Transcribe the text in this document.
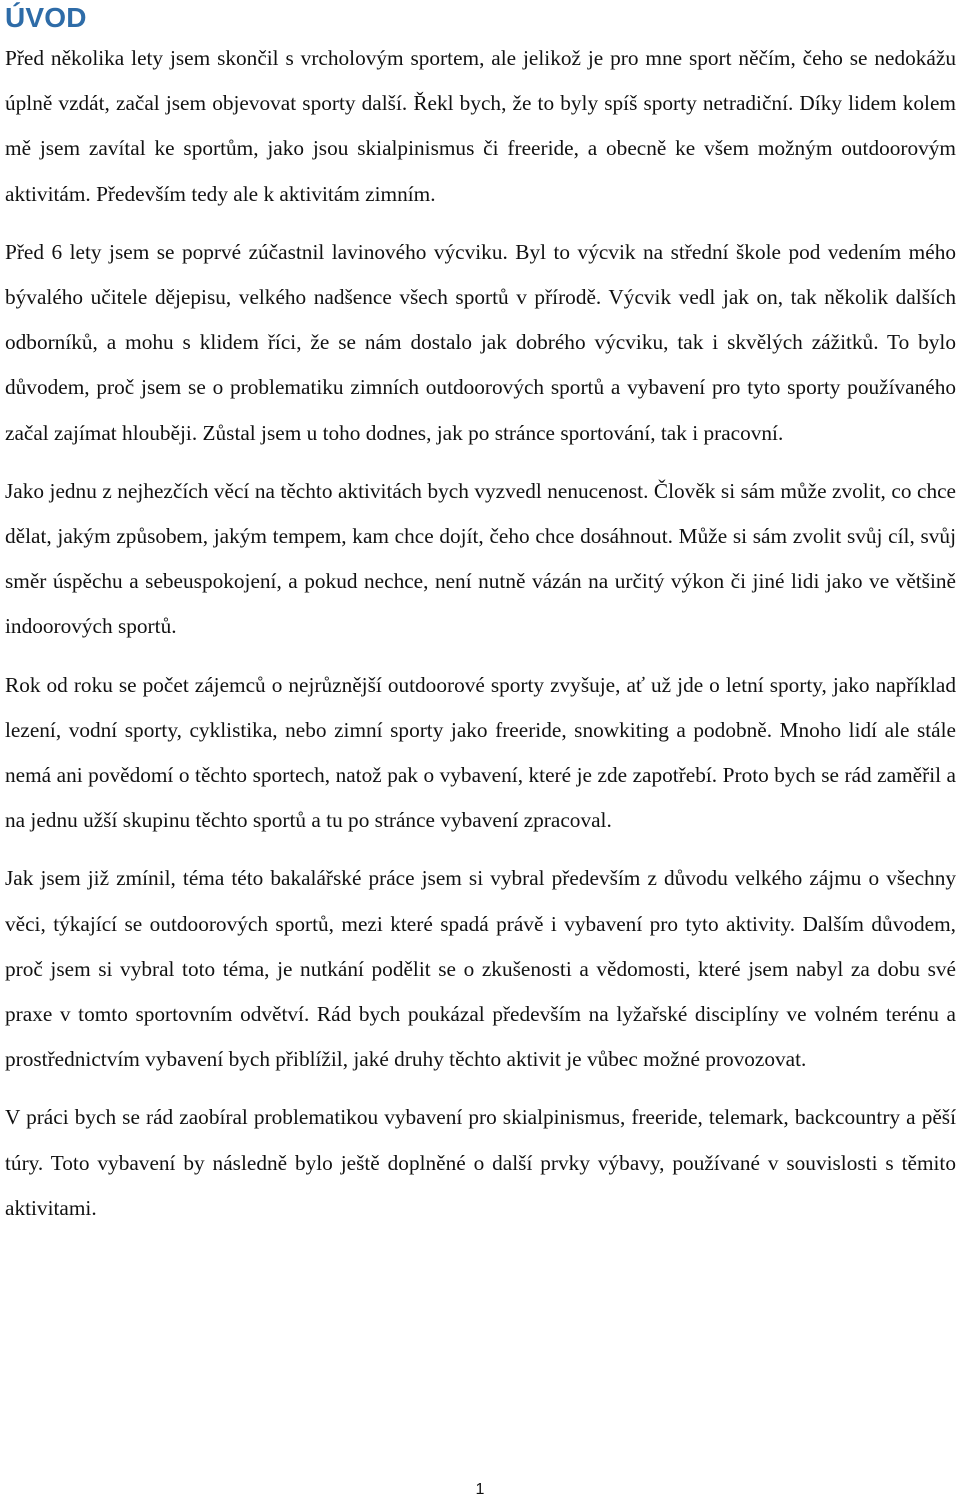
ÚVOD

Před několika lety jsem skončil s vrcholovým sportem, ale jelikož je pro mne sport něčím, čeho se nedokážu úplně vzdát, začal jsem objevovat sporty další. Řekl bych, že to byly spíš sporty netradiční. Díky lidem kolem mě jsem zavítal ke sportům, jako jsou skialpinismus či freeride, a obecně ke všem možným outdoorovým aktivitám. Především tedy ale k aktivitám zimním.

Před 6 lety jsem se poprvé zúčastnil lavinového výcviku. Byl to výcvik na střední škole pod vedením mého bývalého učitele dějepisu, velkého nadšence všech sportů v přírodě. Výcvik vedl jak on, tak několik dalších odborníků, a mohu s klidem říci, že se nám dostalo jak dobrého výcviku, tak i skvělých zážitků. To bylo důvodem, proč jsem se o problematiku zimních outdoorových sportů a vybavení pro tyto sporty používaného začal zajímat hlouběji. Zůstal jsem u toho dodnes, jak po stránce sportování, tak i pracovní.

Jako jednu z nejhezčích věcí na těchto aktivitách bych vyzvedl nenucenost. Člověk si sám může zvolit, co chce dělat, jakým způsobem, jakým tempem, kam chce dojít, čeho chce dosáhnout. Může si sám zvolit svůj cíl, svůj směr úspěchu a sebeuspokojení, a pokud nechce, není nutně vázán na určitý výkon či jiné lidi jako ve většině indoorových sportů.

Rok od roku se počet zájemců o nejrůznější outdoorové sporty zvyšuje, ať už jde o letní sporty, jako například lezení, vodní sporty, cyklistika, nebo zimní sporty jako freeride, snowkiting a podobně. Mnoho lidí ale stále nemá ani povědomí o těchto sportech, natož pak o vybavení, které je zde zapotřebí. Proto bych se rád zaměřil a na jednu užší skupinu těchto sportů a tu po stránce vybavení zpracoval.

Jak jsem již zmínil, téma této bakalářské práce jsem si vybral především z důvodu velkého zájmu o všechny věci, týkající se outdoorových sportů, mezi které spadá právě i vybavení pro tyto aktivity. Dalším důvodem, proč jsem si vybral toto téma, je nutkání podělit se o zkušenosti a vědomosti, které jsem nabyl za dobu své praxe v tomto sportovním odvětví. Rád bych poukázal především na lyžařské disciplíny ve volném terénu a prostřednictvím vybavení bych přiblížil, jaké druhy těchto aktivit je vůbec možné provozovat.

V práci bych se rád zaobíral problematikou vybavení pro skialpinismus, freeride, telemark, backcountry a pěší túry. Toto vybavení by následně bylo ještě doplněné o další prvky výbavy, používané v souvislosti s těmito aktivitami.

1
